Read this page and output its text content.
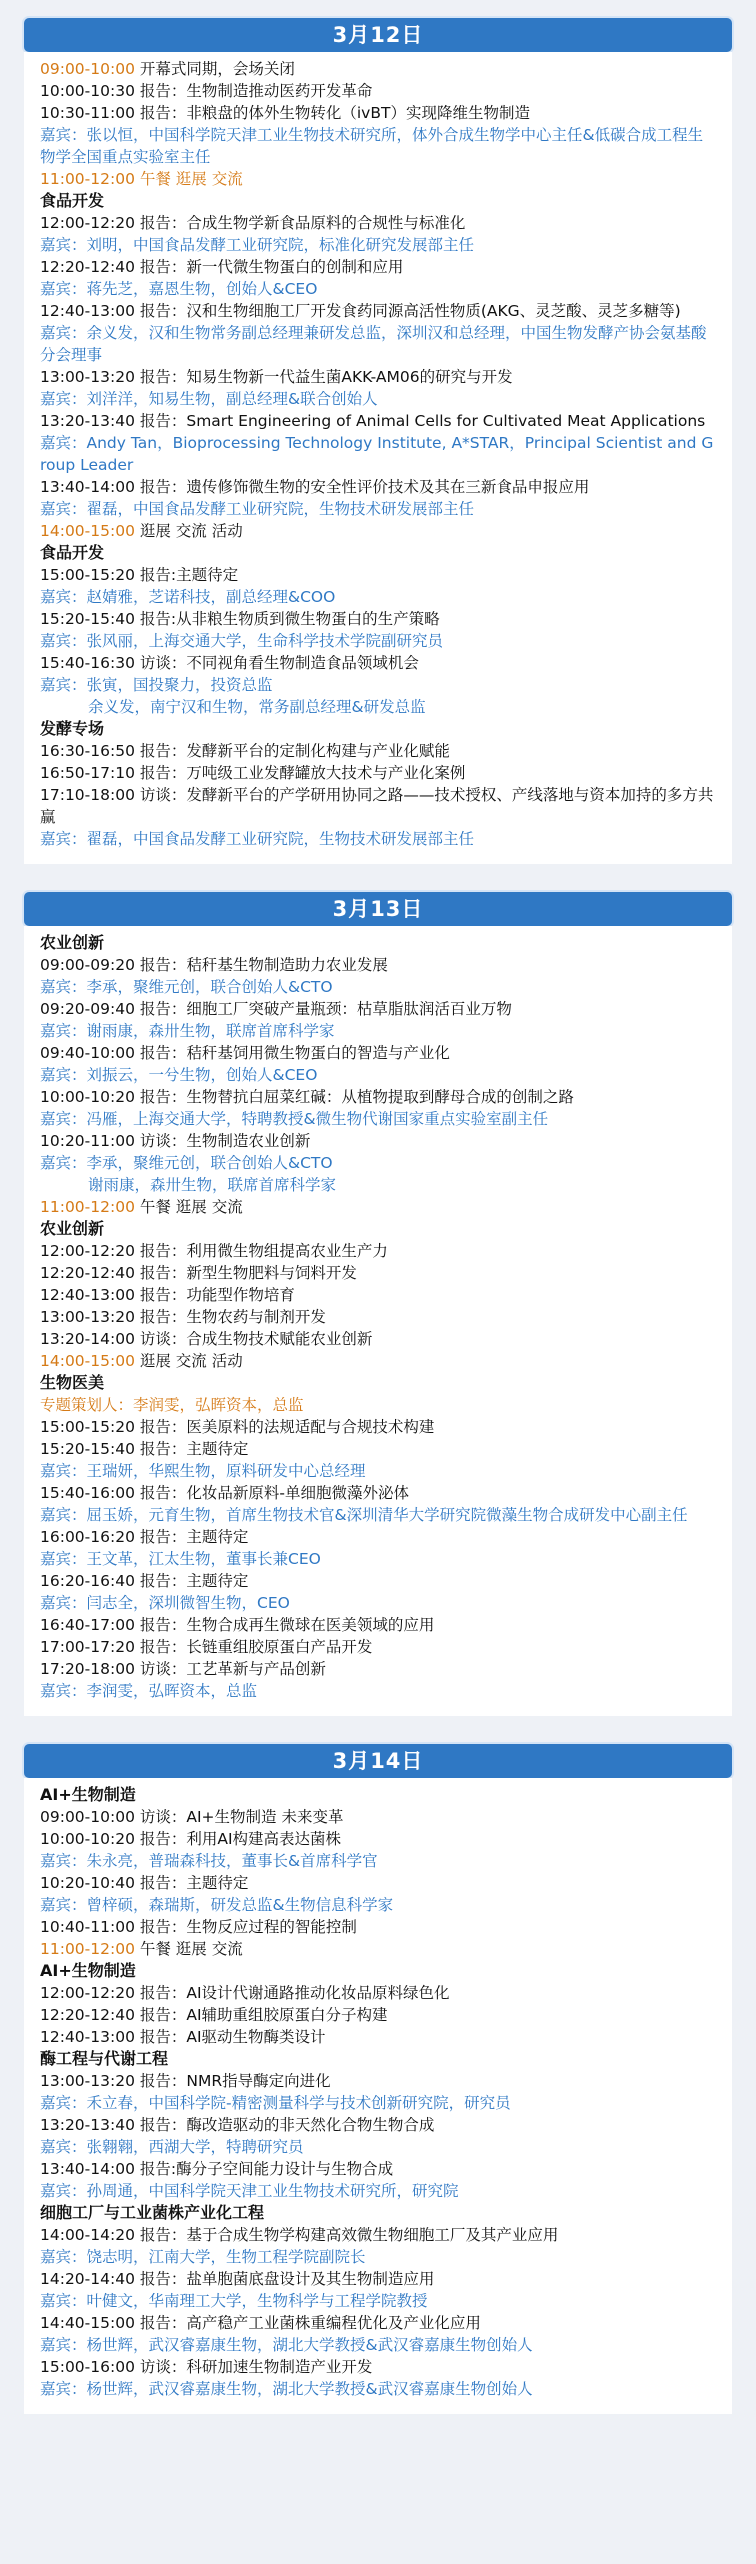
3月12日
09:00-10:00 开幕式同期，会场关闭
10:00-10:30 报告：生物制造推动医药开发革命
10:30-11:00 报告：非粮盘的体外生物转化（ivBT）实现降维生物制造
嘉宾：张以恒，中国科学院天津工业生物技术研究所，体外合成生物学中心主任&低碳合成工程生物学全国重点实验室主任
11:00-12:00 午餐 逛展 交流
食品开发
12:00-12:20 报告：合成生物学新食品原料的合规性与标准化
嘉宾：刘明，中国食品发酵工业研究院，标准化研究发展部主任
12:20-12:40 报告：新一代微生物蛋白的创制和应用
嘉宾：蒋先芝，嘉恩生物，创始人&CEO
12:40-13:00 报告：汉和生物细胞工厂开发食药同源高活性物质(AKG、灵芝酸、灵芝多糖等)
嘉宾：余义发，汉和生物常务副总经理兼研发总监，深圳汉和总经理，中国生物发酵产协会氨基酸分会理事
13:00-13:20 报告：知易生物新一代益生菌AKK-AM06的研究与开发
嘉宾：刘洋洋，知易生物，副总经理&联合创始人
13:20-13:40 报告：Smart Engineering of Animal Cells for Cultivated Meat Applications
嘉宾：Andy Tan，Bioprocessing Technology Institute, A*STAR，Principal Scientist and Group Leader
13:40-14:00 报告：遗传修饰微生物的安全性评价技术及其在三新食品申报应用
嘉宾：翟磊，中国食品发酵工业研究院，生物技术研发展部主任
14:00-15:00 逛展 交流 活动
食品开发
15:00-15:20 报告:主题待定
嘉宾：赵婧雅，芝诺科技，副总经理&COO
15:20-15:40 报告:从非粮生物质到微生物蛋白的生产策略
嘉宾：张风丽，上海交通大学，生命科学技术学院副研究员
15:40-16:30 访谈：不同视角看生物制造食品领域机会
嘉宾：张寅，国投聚力，投资总监
余义发，南宁汉和生物，常务副总经理&研发总监
发酵专场
16:30-16:50 报告：发酵新平台的定制化构建与产业化赋能
16:50-17:10 报告：万吨级工业发酵罐放大技术与产业化案例
17:10-18:00 访谈：发酵新平台的产学研用协同之路——技术授权、产线落地与资本加持的多方共赢
嘉宾：翟磊，中国食品发酵工业研究院，生物技术研发展部主任
3月13日
农业创新
09:00-09:20 报告：秸秆基生物制造助力农业发展
嘉宾：李承，聚维元创，联合创始人&CTO
09:20-09:40 报告：细胞工厂突破产量瓶颈：枯草脂肽润活百业万物
嘉宾：谢雨康，森卅生物，联席首席科学家
09:40-10:00 报告：秸秆基饲用微生物蛋白的智造与产业化
嘉宾：刘振云，一兮生物，创始人&CEO
10:00-10:20 报告：生物替抗白屈菜红碱：从植物提取到酵母合成的创制之路
嘉宾：冯雁，上海交通大学，特聘教授&微生物代谢国家重点实验室副主任
10:20-11:00 访谈：生物制造农业创新
嘉宾：李承，聚维元创，联合创始人&CTO
谢雨康，森卅生物，联席首席科学家
11:00-12:00 午餐 逛展 交流
农业创新
12:00-12:20 报告：利用微生物组提高农业生产力
12:20-12:40 报告：新型生物肥料与饲料开发
12:40-13:00 报告：功能型作物培育
13:00-13:20 报告：生物农药与制剂开发
13:20-14:00 访谈：合成生物技术赋能农业创新
14:00-15:00 逛展 交流 活动
生物医美
专题策划人：李润雯，弘晖资本，总监
15:00-15:20 报告：医美原料的法规适配与合规技术构建
15:20-15:40 报告：主题待定
嘉宾：王瑞妍，华熙生物，原料研发中心总经理
15:40-16:00 报告：化妆品新原料-单细胞微藻外泌体
嘉宾：屈玉娇，元育生物，首席生物技术官&深圳清华大学研究院微藻生物合成研发中心副主任
16:00-16:20 报告：主题待定
嘉宾：王文革，江太生物，董事长兼CEO
16:20-16:40 报告：主题待定
嘉宾：闫志全，深圳微智生物，CEO
16:40-17:00 报告：生物合成再生微球在医美领域的应用
17:00-17:20 报告：长链重组胶原蛋白产品开发
17:20-18:00 访谈：工艺革新与产品创新
嘉宾：李润雯，弘晖资本，总监
3月14日
AI+生物制造
09:00-10:00 访谈：AI+生物制造 未来变革
10:00-10:20 报告：利用AI构建高表达菌株
嘉宾：朱永亮，普瑞森科技，董事长&首席科学官
10:20-10:40 报告：主题待定
嘉宾：曾梓硕，森瑞斯，研发总监&生物信息科学家
10:40-11:00 报告：生物反应过程的智能控制
11:00-12:00 午餐 逛展 交流
AI+生物制造
12:00-12:20 报告：AI设计代谢通路推动化妆品原料绿色化
12:20-12:40 报告：AI辅助重组胶原蛋白分子构建
12:40-13:00 报告：AI驱动生物酶类设计
酶工程与代谢工程
13:00-13:20 报告：NMR指导酶定向进化
嘉宾：禾立春，中国科学院-精密测量科学与技术创新研究院，研究员
13:20-13:40 报告：酶改造驱动的非天然化合物生物合成
嘉宾：张翱翱，西湖大学，特聘研究员
13:40-14:00 报告:酶分子空间能力设计与生物合成
嘉宾：孙周通，中国科学院天津工业生物技术研究所，研究院
细胞工厂与工业菌株产业化工程
14:00-14:20 报告：基于合成生物学构建高效微生物细胞工厂及其产业应用
嘉宾：饶志明，江南大学，生物工程学院副院长
14:20-14:40 报告：盐单胞菌底盘设计及其生物制造应用
嘉宾：叶健文，华南理工大学，生物科学与工程学院教授
14:40-15:00 报告：高产稳产工业菌株重编程优化及产业化应用
嘉宾：杨世辉，武汉睿嘉康生物，湖北大学教授&武汉睿嘉康生物创始人
15:00-16:00 访谈：科研加速生物制造产业开发
嘉宾：杨世辉，武汉睿嘉康生物，湖北大学教授&武汉睿嘉康生物创始人
